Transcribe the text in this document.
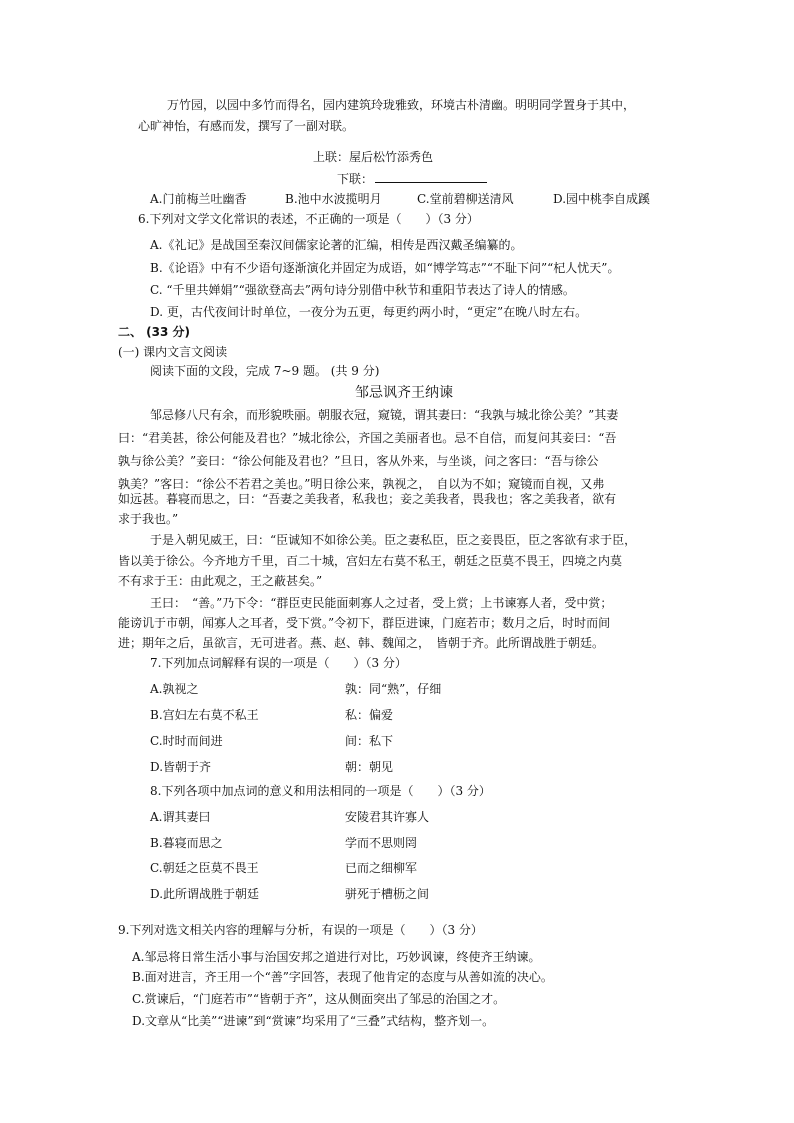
万竹园，以园中多竹而得名，园内建筑玲珑雅致，环境古朴清幽。明明同学置身于其中，
心旷神怡，有感而发，撰写了一副对联。
上联：屋后松竹添秀色
下联：
A.门前梅兰吐幽香	B.池中水波揽明月	C.堂前碧柳送清风	D.园中桃李自成蹊
6.下列对文学文化常识的表述，不正确的一项是（　　）（3 分）
A.《礼记》是战国至秦汉间儒家论著的汇编，相传是西汉戴圣编纂的。
B.《论语》中有不少语句逐渐演化并固定为成语，如“博学笃志”“不耻下问”“杞人忧天”。
C. “千里共婵娟”“强欲登高去”两句诗分别借中秋节和重阳节表达了诗人的情感。
D. 更，古代夜间计时单位，一夜分为五更，每更约两小时，“更定”在晚八时左右。
二、 (33 分)
(一) 课内文言文阅读
阅读下面的文段，完成 7~9 题。 (共 9 分)
邹忌讽齐王纳谏
邹忌修八尺有余，而形貌昳丽。朝服衣冠，窥镜，谓其妻曰：“我孰与城北徐公美？”其妻
曰：“君美甚，徐公何能及君也？”城北徐公，齐国之美丽者也。忌不自信，而复问其妾曰：“吾
孰与徐公美？”妾曰：“徐公何能及君也？”旦日，客从外来，与坐谈，问之客曰：“吾与徐公
孰美？”客曰：“徐公不若君之美也。”明日徐公来，孰视之，　自以为不如；窥镜而自视，又弗
如远甚。暮寝而思之，曰：“吾妻之美我者，私我也；妾之美我者，畏我也；客之美我者，欲有
求于我也。”
于是入朝见威王，曰：“臣诚知不如徐公美。臣之妻私臣，臣之妾畏臣，臣之客欲有求于臣，
皆以美于徐公。今齐地方千里，百二十城，宫妇左右莫不私王，朝廷之臣莫不畏王，四境之内莫
不有求于王：由此观之，王之蔽甚矣。”
王曰：　“善。”乃下令：“群臣吏民能面刺寡人之过者，受上赏；上书谏寡人者，受中赏；
能谤讥于市朝，闻寡人之耳者，受下赏。”令初下，群臣进谏，门庭若市；数月之后，时时而间
进；期年之后，虽欲言，无可进者。燕、赵、韩、魏闻之，　皆朝于齐。此所谓战胜于朝廷。
7.下列加点词解释有误的一项是（　　）（3 分）
A.孰视之	孰：同“熟”，仔细
B.宫妇左右莫不私王	私：偏爱
C.时时而间进	间：私下
D.皆朝于齐	朝：朝见
8.下列各项中加点词的意义和用法相同的一项是（　　）（3 分）
A.谓其妻曰	安陵君其许寡人
B.暮寝而思之	学而不思则罔
C.朝廷之臣莫不畏王	已而之细柳军
D.此所谓战胜于朝廷	骈死于槽枥之间
9.下列对选文相关内容的理解与分析，有误的一项是（　　）（3 分）
A.邹忌将日常生活小事与治国安邦之道进行对比，巧妙讽谏，终使齐王纳谏。
B.面对进言，齐王用一个“善”字回答，表现了他肯定的态度与从善如流的决心。
C.赏谏后，“门庭若市”“皆朝于齐”，这从侧面突出了邹忌的治国之才。
D.文章从“比美”“进谏”到“赏谏”均采用了“三叠”式结构，整齐划一。
